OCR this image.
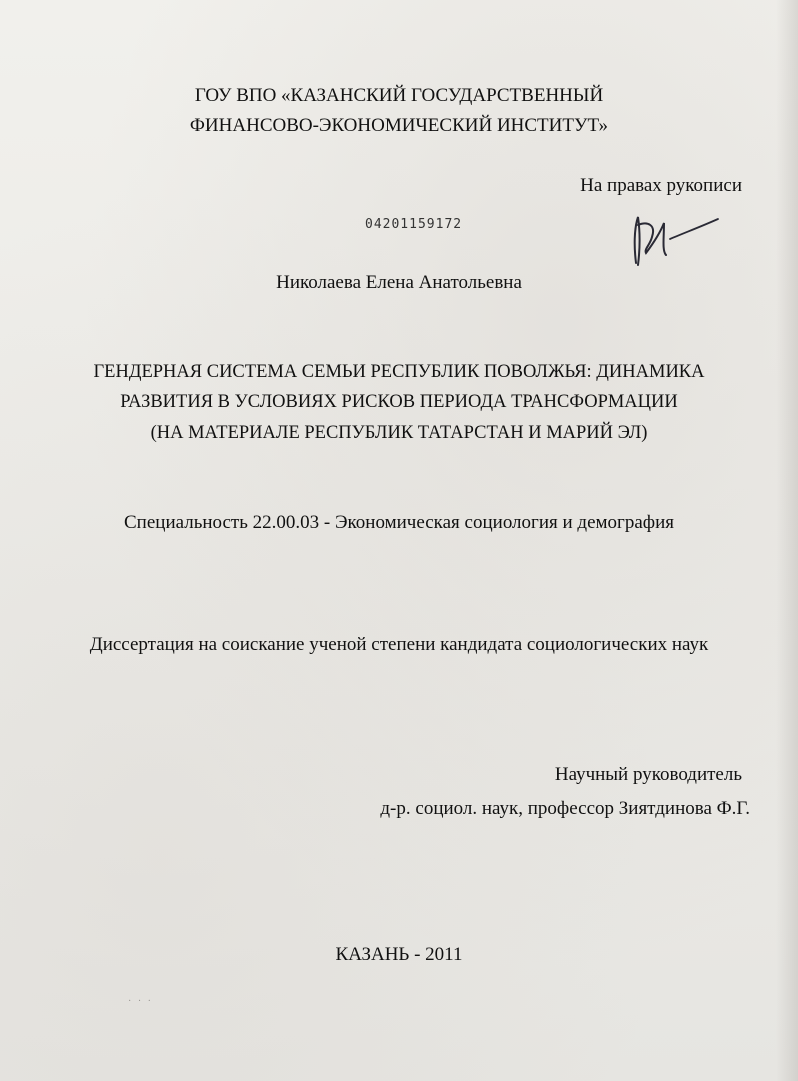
ГОУ ВПО «КАЗАНСКИЙ ГОСУДАРСТВЕННЫЙ
ФИНАНСОВО-ЭКОНОМИЧЕСКИЙ ИНСТИТУТ»
На правах рукописи
04201159172
Николаева Елена Анатольевна
ГЕНДЕРНАЯ СИСТЕМА СЕМЬИ РЕСПУБЛИК ПОВОЛЖЬЯ: ДИНАМИКА
РАЗВИТИЯ В УСЛОВИЯХ РИСКОВ ПЕРИОДА ТРАНСФОРМАЦИИ
(НА МАТЕРИАЛЕ РЕСПУБЛИК ТАТАРСТАН И МАРИЙ ЭЛ)
Специальность 22.00.03 - Экономическая социология и демография
Диссертация на соискание ученой степени кандидата социологических наук
Научный руководитель
д-р. социол. наук, профессор Зиятдинова Ф.Г.
КАЗАНЬ - 2011
· · ·
